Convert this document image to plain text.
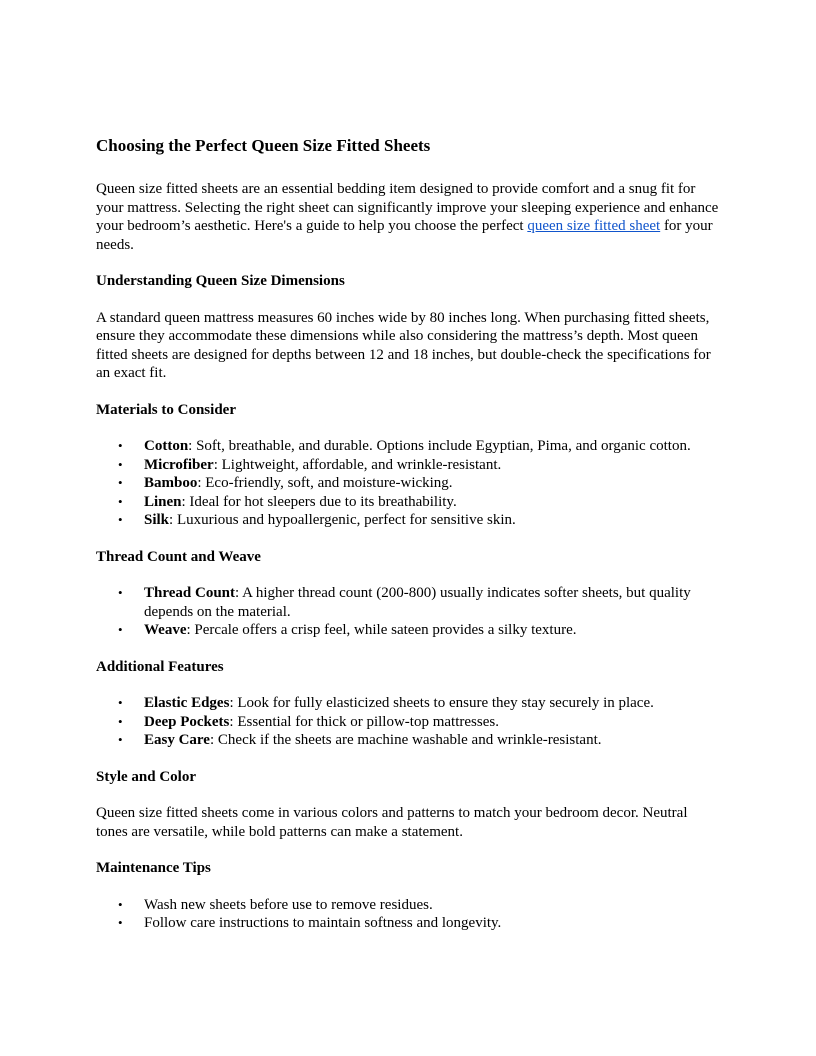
Choosing the Perfect Queen Size Fitted Sheets

Queen size fitted sheets are an essential bedding item designed to provide comfort and a snug fit for your mattress. Selecting the right sheet can significantly improve your sleeping experience and enhance your bedroom’s aesthetic. Here's a guide to help you choose the perfect queen size fitted sheet for your needs.

Understanding Queen Size Dimensions

A standard queen mattress measures 60 inches wide by 80 inches long. When purchasing fitted sheets, ensure they accommodate these dimensions while also considering the mattress’s depth. Most queen fitted sheets are designed for depths between 12 and 18 inches, but double-check the specifications for an exact fit.

Materials to Consider
• Cotton: Soft, breathable, and durable. Options include Egyptian, Pima, and organic cotton.
• Microfiber: Lightweight, affordable, and wrinkle-resistant.
• Bamboo: Eco-friendly, soft, and moisture-wicking.
• Linen: Ideal for hot sleepers due to its breathability.
• Silk: Luxurious and hypoallergenic, perfect for sensitive skin.
Thread Count and Weave
• Thread Count: A higher thread count (200-800) usually indicates softer sheets, but quality depends on the material.
• Weave: Percale offers a crisp feel, while sateen provides a silky texture.
Additional Features
• Elastic Edges: Look for fully elasticized sheets to ensure they stay securely in place.
• Deep Pockets: Essential for thick or pillow-top mattresses.
• Easy Care: Check if the sheets are machine washable and wrinkle-resistant.
Style and Color

Queen size fitted sheets come in various colors and patterns to match your bedroom decor. Neutral tones are versatile, while bold patterns can make a statement.

Maintenance Tips
• Wash new sheets before use to remove residues.
• Follow care instructions to maintain softness and longevity.
